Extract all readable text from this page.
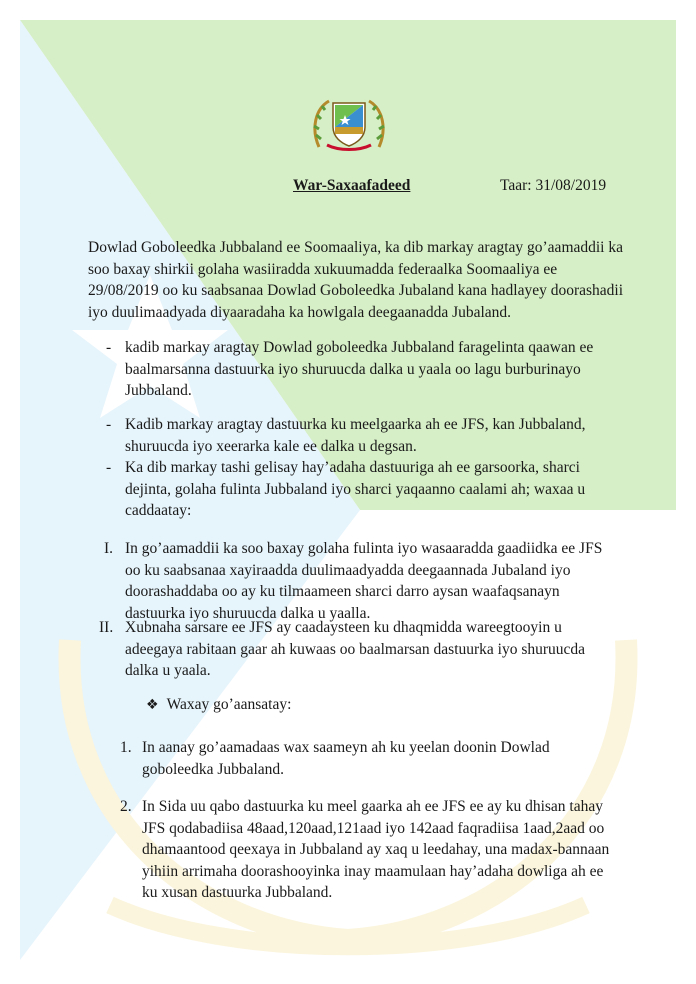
War-Saxaafadeed	Taar: 31/08/2019
Dowlad Goboleedka Jubbaland ee Soomaaliya, ka dib markay aragtay go’aamaddii ka soo baxay shirkii golaha wasiiradda xukuumadda federaalka Soomaaliya ee 29/08/2019 oo ku saabsanaa Dowlad Goboleedka Jubaland kana hadlayey doorashadii iyo duulimaadyada diyaaradaha ka howlgala deegaanadda Jubaland.
- kadib markay aragtay Dowlad goboleedka Jubbaland faragelinta qaawan ee baalmarsanna dastuurka iyo shuruucda dalka u yaala oo lagu burburinayo Jubbaland.
- Kadib markay aragtay dastuurka ku meelgaarka ah ee JFS, kan Jubbaland, shuruucda iyo xeerarka kale ee dalka u degsan.
- Ka dib markay tashi gelisay hay’adaha dastuuriga ah ee garsoorka, sharci dejinta, golaha fulinta Jubbaland iyo sharci yaqaanno caalami ah; waxaa u caddaatay:
I. In go’aamaddii ka soo baxay golaha fulinta iyo wasaaradda gaadiidka ee JFS oo ku saabsanaa xayiraadda duulimaadyadda deegaannada Jubaland iyo doorashaddaba oo ay ku tilmaameen sharci darro aysan waafaqsanayn dastuurka iyo shuruucda dalka u yaalla.
II. Xubnaha sarsare ee JFS ay caadaysteen ku dhaqmidda wareegtooyin u adeegaya rabitaan gaar ah kuwaas oo baalmarsan dastuurka iyo shuruucda dalka u yaala.
❖ Waxay go’aansatay:
1. In aanay go’aamadaas wax saameyn ah ku yeelan doonin Dowlad goboleedka Jubbaland.
2. In Sida uu qabo dastuurka ku meel gaarka ah ee JFS ee ay ku dhisan tahay JFS qodabadiisa 48aad,120aad,121aad iyo 142aad faqradiisa 1aad,2aad oo dhamaantood qeexaya in Jubbaland ay xaq u leedahay, una madax-bannaan yihiin arrimaha doorashooyinka inay maamulaan hay’adaha dowliga ah ee ku xusan dastuurka Jubbaland.
